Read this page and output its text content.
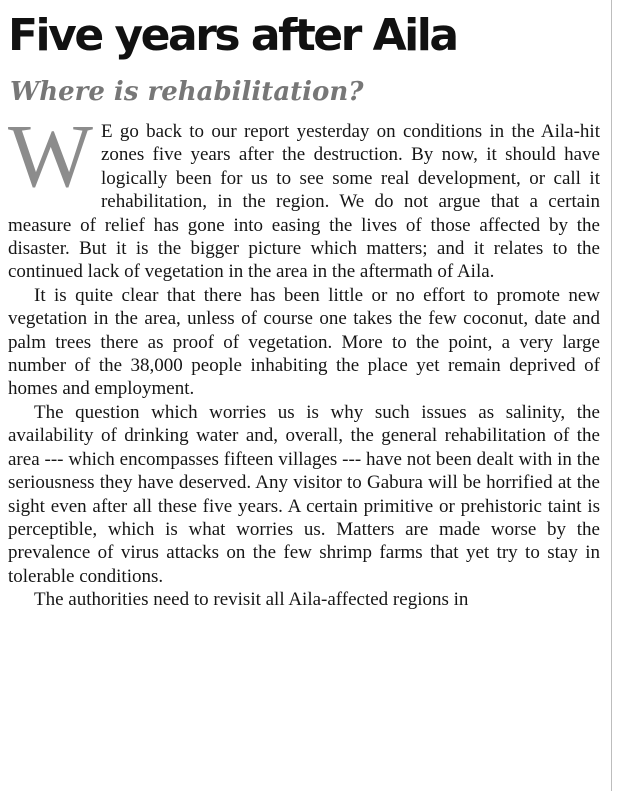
Five years after Aila
Where is rehabilitation?

W E go back to our report yesterday on conditions in the Aila-hit zones five years after the destruction. By now, it should have logically been for us to see some real development, or call it rehabilitation, in the region. We do not argue that a certain measure of relief has gone into easing the lives of those affected by the disaster. But it is the bigger picture which matters; and it relates to the continued lack of vegetation in the area in the aftermath of Aila.

It is quite clear that there has been little or no effort to promote new vegetation in the area, unless of course one takes the few coconut, date and palm trees there as proof of vegetation. More to the point, a very large number of the 38,000 people inhabiting the place yet remain deprived of homes and employment.

The question which worries us is why such issues as salinity, the availability of drinking water and, overall, the general rehabilitation of the area --- which encompasses fifteen villages --- have not been dealt with in the seriousness they have deserved. Any visitor to Gabura will be horrified at the sight even after all these five years. A certain primitive or prehistoric taint is perceptible, which is what worries us. Matters are made worse by the prevalence of virus attacks on the few shrimp farms that yet try to stay in tolerable conditions.

The authorities need to revisit all Aila-affected regions in
